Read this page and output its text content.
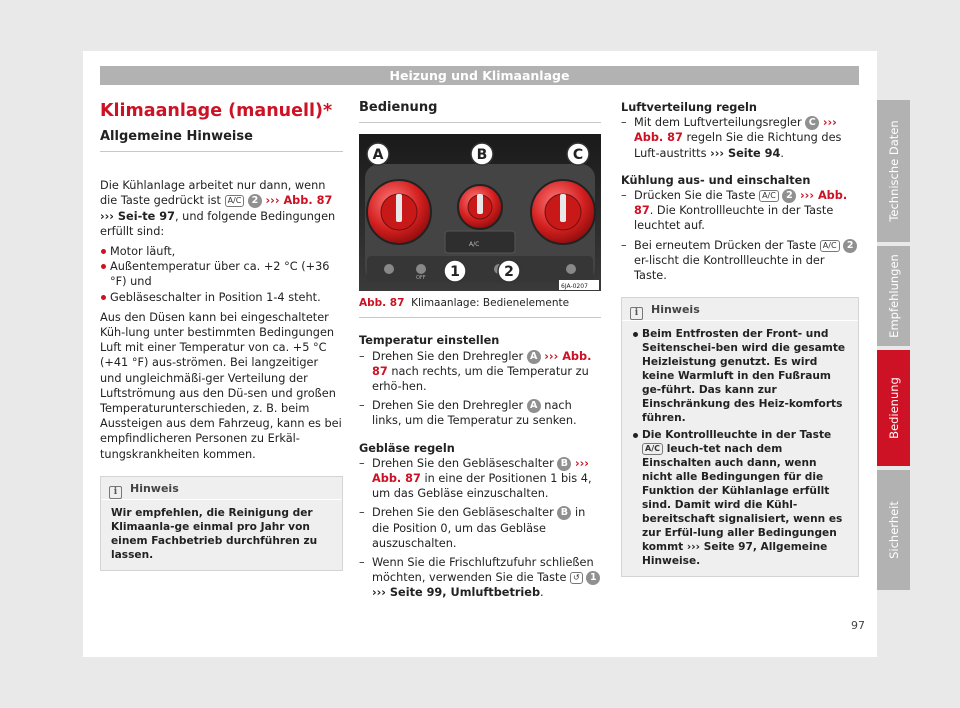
Heizung und Klimaanlage
Klimaanlage (manuell)*
Allgemeine Hinweise

Die Kühlanlage arbeitet nur dann, wenn die Taste gedrückt ist A/C 2 ››› Abb. 87 ››› Sei-te 97, und folgende Bedingungen erfüllt sind:

Motor läuft,

Außentemperatur über ca. +2 °C (+36 °F) und

Gebläseschalter in Position 1-4 steht.

Aus den Düsen kann bei eingeschalteter Küh-lung unter bestimmten Bedingungen Luft mit einer Temperatur von ca. +5 °C (+41 °F) aus-strömen. Bei langzeitiger und ungleichmäßi-ger Verteilung der Luftströmung aus den Dü-sen und großen Temperaturunterschieden, z. B. beim Aussteigen aus dem Fahrzeug, kann es bei empfindlicheren Personen zu Erkäl-tungskrankheiten kommen.

i Hinweis
Wir empfehlen, die Reinigung der Klimaanla-ge einmal pro Jahr von einem Fachbetrieb durchführen zu lassen.
Bedienung
A/C
OFF
A	B	C
1	2
6JA-0207
Abb. 87 Klimaanlage: Bedienelemente
Temperatur einstellen

– Drehen Sie den Drehregler A ››› Abb. 87 nach rechts, um die Temperatur zu erhö-hen.

– Drehen Sie den Drehregler A nach links, um die Temperatur zu senken.

Gebläse regeln

– Drehen Sie den Gebläseschalter B ››› Abb. 87 in eine der Positionen 1 bis 4, um das Gebläse einzuschalten.

– Drehen Sie den Gebläseschalter B in die Position 0, um das Gebläse auszuschalten.

– Wenn Sie die Frischluftzufuhr schließen möchten, verwenden Sie die Taste ↺ 1 ››› Seite 99, Umluftbetrieb.

Luftverteilung regeln

– Mit dem Luftverteilungsregler C ››› Abb. 87 regeln Sie die Richtung des Luft-austritts ››› Seite 94.

Kühlung aus- und einschalten

– Drücken Sie die Taste A/C 2 ››› Abb. 87. Die Kontrollleuchte in der Taste leuchtet auf.

– Bei erneutem Drücken der Taste A/C 2 er-lischt die Kontrollleuchte in der Taste.

i Hinweis

Beim Entfrosten der Front- und Seitenschei-ben wird die gesamte Heizleistung genutzt. Es wird keine Warmluft in den Fußraum ge-führt. Das kann zur Einschränkung des Heiz-komforts führen.

Die Kontrollleuchte in der Taste A/C leuch-tet nach dem Einschalten auch dann, wenn nicht alle Bedingungen für die Funktion der Kühlanlage erfüllt sind. Damit wird die Kühl-bereitschaft signalisiert, wenn es zur Erfül-lung aller Bedingungen kommt ››› Seite 97, Allgemeine Hinweise.

Technische Daten
Empfehlungen
Bedienung
Sicherheit
97
